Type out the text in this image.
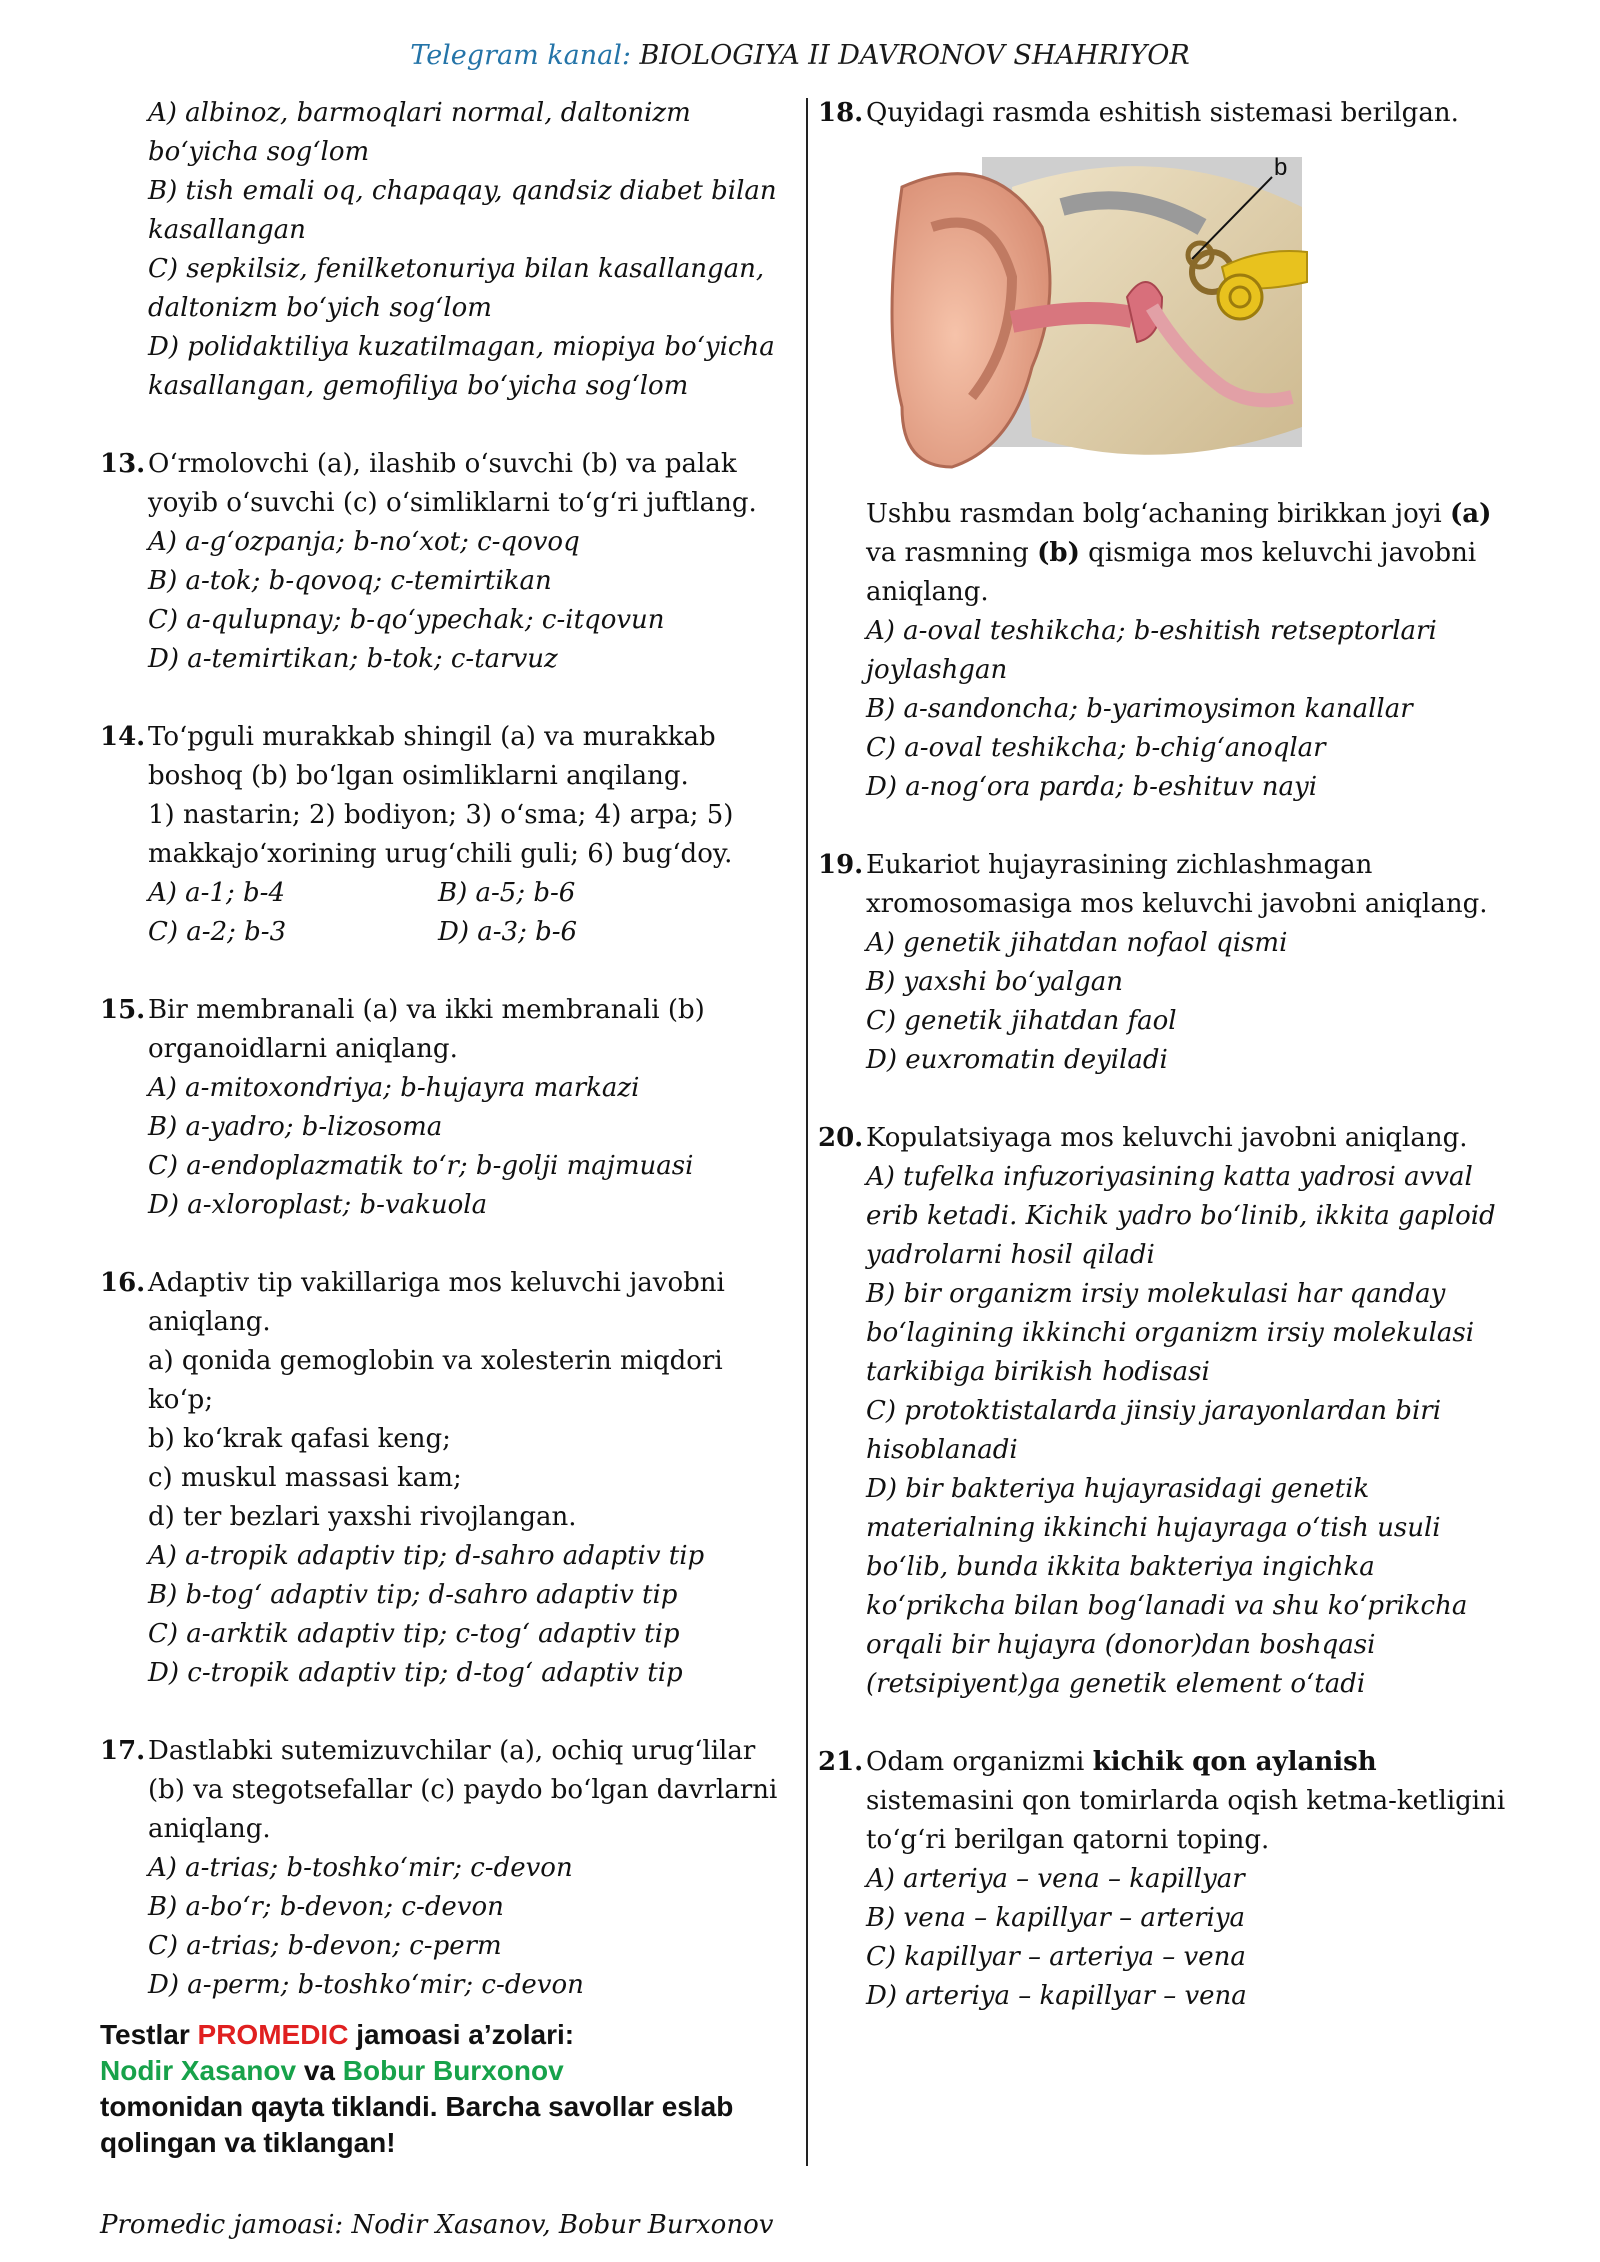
Telegram kanal: BIOLOGIYA II DAVRONOV SHAHRIYOR
A) albinoz, barmoqlari normal, daltonizm bo‘yicha sog‘lom
B) tish emali oq, chapaqay, qandsiz diabet bilan kasallangan
C) sepkilsiz, fenilketonuriya bilan kasallangan, daltonizm bo‘yich sog‘lom
D) polidaktiliya kuzatilmagan, miopiya bo‘yicha kasallangan, gemofiliya bo‘yicha sog‘lom
13. O‘rmolovchi (a), ilashib o‘suvchi (b) va palak yoyib o‘suvchi (c) o‘simliklarni to‘g‘ri juftlang.
A) a-g‘ozpanja; b-no‘xot; c-qovoq
B) a-tok; b-qovoq; c-temirtikan
C) a-qulupnay; b-qo‘ypechak; c-itqovun
D) a-temirtikan; b-tok; c-tarvuz
14. To‘pguli murakkab shingil (a) va murakkab boshoq (b) bo‘lgan osimliklarni anqilang.
1) nastarin; 2) bodiyon; 3) o‘sma; 4) arpa; 5) makkajo‘xorining urug‘chili guli; 6) bug‘doy.
A) a-1; b-4	B) a-5; b-6
C) a-2; b-3	D) a-3; b-6
15. Bir membranali (a) va ikki membranali (b) organoidlarni aniqlang.
A) a-mitoxondriya; b-hujayra markazi
B) a-yadro; b-lizosoma
C) a-endoplazmatik to‘r; b-golji majmuasi
D) a-xloroplast; b-vakuola
16. Adaptiv tip vakillariga mos keluvchi javobni aniqlang.
a) qonida gemoglobin va xolesterin miqdori ko‘p;
b) ko‘krak qafasi keng;
c) muskul massasi kam;
d) ter bezlari yaxshi rivojlangan.
A) a-tropik adaptiv tip; d-sahro adaptiv tip
B) b-tog‘ adaptiv tip; d-sahro adaptiv tip
C) a-arktik adaptiv tip; c-tog‘ adaptiv tip
D) c-tropik adaptiv tip; d-tog‘ adaptiv tip
17. Dastlabki sutemizuvchilar (a), ochiq urug‘lilar (b) va stegotsefallar (c) paydo bo‘lgan davrlarni aniqlang.
A) a-trias; b-toshko‘mir; c-devon
B) a-bo‘r; b-devon; c-devon
C) a-trias; b-devon; c-perm
D) a-perm; b-toshko‘mir; c-devon
Testlar PROMEDIC jamoasi a’zolari:
Nodir Xasanov va Bobur Burxonov
tomonidan qayta tiklandi. Barcha savollar eslab qolingan va tiklangan!
18. Quyidagi rasmda eshitish sistemasi berilgan.
b
Ushbu rasmdan bolg‘achaning birikkan joyi (a) va rasmning (b) qismiga mos keluvchi javobni aniqlang.
A) a-oval teshikcha; b-eshitish retseptorlari joylashgan
B) a-sandoncha; b-yarimoysimon kanallar
C) a-oval teshikcha; b-chig‘anoqlar
D) a-nog‘ora parda; b-eshituv nayi
19. Eukariot hujayrasining zichlashmagan xromosomasiga mos keluvchi javobni aniqlang.
A) genetik jihatdan nofaol qismi
B) yaxshi bo‘yalgan
C) genetik jihatdan faol
D) euxromatin deyiladi
20. Kopulatsiyaga mos keluvchi javobni aniqlang.
A) tufelka infuzoriyasining katta yadrosi avval erib ketadi. Kichik yadro bo‘linib, ikkita gaploid yadrolarni hosil qiladi
B) bir organizm irsiy molekulasi har qanday bo‘lagining ikkinchi organizm irsiy molekulasi tarkibiga birikish hodisasi
C) protoktistalarda jinsiy jarayonlardan biri hisoblanadi
D) bir bakteriya hujayrasidagi genetik materialning ikkinchi hujayraga o‘tish usuli bo‘lib, bunda ikkita bakteriya ingichka ko‘prikcha bilan bog‘lanadi va shu ko‘prikcha orqali bir hujayra (donor)dan boshqasi (retsipiyent)ga genetik element o‘tadi
21. Odam organizmi kichik qon aylanish sistemasini qon tomirlarda oqish ketma-ketligini to‘g‘ri berilgan qatorni toping.
A) arteriya – vena – kapillyar
B) vena – kapillyar – arteriya
C) kapillyar – arteriya – vena
D) arteriya – kapillyar – vena
Promedic jamoasi: Nodir Xasanov, Bobur Burxonov
